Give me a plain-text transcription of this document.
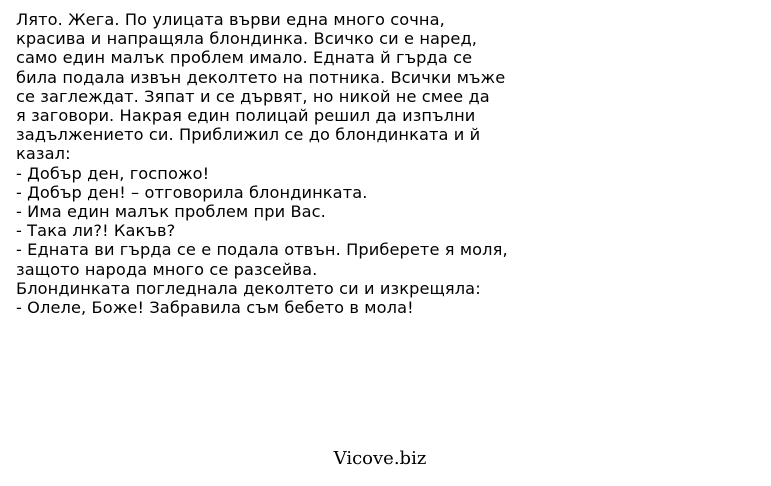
Лято. Жега. По улицата върви една много сочна,
красива и напращяла блондинка. Всичко си е наред,
само един малък проблем имало. Едната й гърда се
била подала извън деколтето на потника. Всички мъже
се заглеждат. Зяпат и се дървят, но никой не смее да
я заговори. Накрая един полицай решил да изпълни
задължението си. Приближил се до блондинката и й
казал:
- Добър ден, госпожо!
- Добър ден! – отговорила блондинката.
- Има един малък проблем при Вас.
- Така ли?! Какъв?
- Едната ви гърда се е подала отвън. Приберете я моля,
защото народа много се разсейва.
Блондинката погледнала деколтето си и изкрещяла:
- Олеле, Боже! Забравила съм бебето в мола!
Vicove.biz
